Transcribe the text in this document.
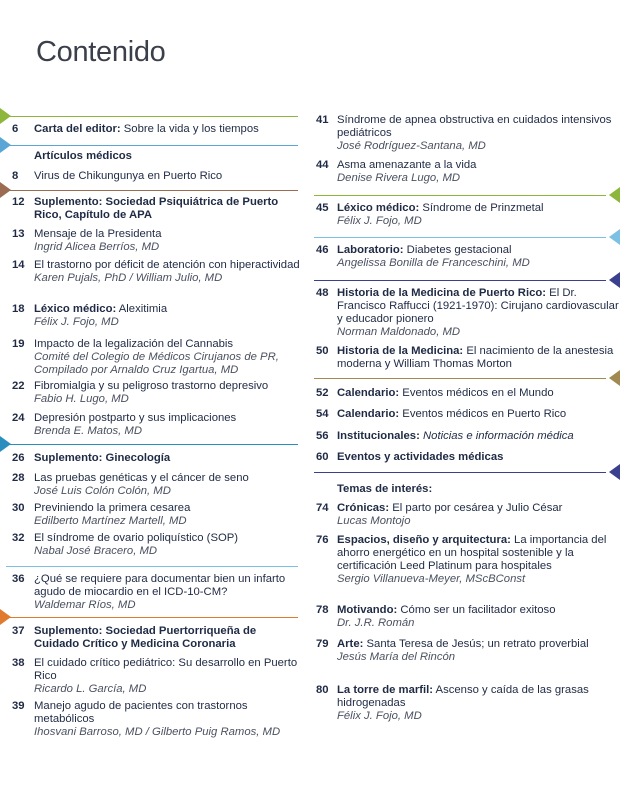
Contenido
6 Carta del editor: Sobre la vida y los tiempos
Artículos médicos
8 Virus de Chikungunya en Puerto Rico
12 Suplemento: Sociedad Psiquiátrica de Puerto Rico, Capítulo de APA
13 Mensaje de la Presidenta
Ingrid Alicea Berríos, MD
14 El trastorno por déficit de atención con hiperactividad
Karen Pujals, PhD / William Julio, MD
18 Léxico médico: Alexitimia
Félix J. Fojo, MD
19 Impacto de la legalización del Cannabis
Comité del Colegio de Médicos Cirujanos de PR, Compilado por Arnaldo Cruz Igartua, MD
22 Fibromialgia y su peligroso trastorno depresivo
Fabio H. Lugo, MD
24 Depresión postparto y sus implicaciones
Brenda E. Matos, MD
26 Suplemento: Ginecología
28 Las pruebas genéticas y el cáncer de seno
José Luis Colón Colón, MD
30 Previniendo la primera cesarea
Edilberto Martínez Martell, MD
32 El síndrome de ovario poliquístico (SOP)
Nabal José Bracero, MD
36 ¿Qué se requiere para documentar bien un infarto agudo de miocardio en el ICD-10-CM?
Waldemar Ríos, MD
37 Suplemento: Sociedad Puertorriqueña de Cuidado Crítico y Medicina Coronaria
38 El cuidado crítico pediátrico: Su desarrollo en Puerto Rico
Ricardo L. García, MD
39 Manejo agudo de pacientes con trastornos metabólicos
Ihosvani Barroso, MD / Gilberto Puig Ramos, MD
41 Síndrome de apnea obstructiva en cuidados intensivos pediátricos
José Rodríguez-Santana, MD
44 Asma amenazante a la vida
Denise Rivera Lugo, MD
45 Léxico médico: Síndrome de Prinzmetal
Félix J. Fojo, MD
46 Laboratorio: Diabetes gestacional
Angelissa Bonilla de Franceschini, MD
48 Historia de la Medicina de Puerto Rico: El Dr. Francisco Raffucci (1921-1970): Cirujano cardiovascular y educador pionero
Norman Maldonado, MD
50 Historia de la Medicina: El nacimiento de la anestesia moderna y William Thomas Morton
52 Calendario: Eventos médicos en el Mundo
54 Calendario: Eventos médicos en Puerto Rico
56 Institucionales: Noticias e información médica
60 Eventos y actividades médicas
Temas de interés:
74 Crónicas: El parto por cesárea y Julio César
Lucas Montojo
76 Espacios, diseño y arquitectura: La importancia del ahorro energético en un hospital sostenible y la certificación Leed Platinum para hospitales
Sergio Villanueva-Meyer, MScBConst
78 Motivando: Cómo ser un facilitador exitoso
Dr. J.R. Román
79 Arte: Santa Teresa de Jesús; un retrato proverbial
Jesús María del Rincón
80 La torre de marfil: Ascenso y caída de las grasas hidrogenadas
Félix J. Fojo, MD
